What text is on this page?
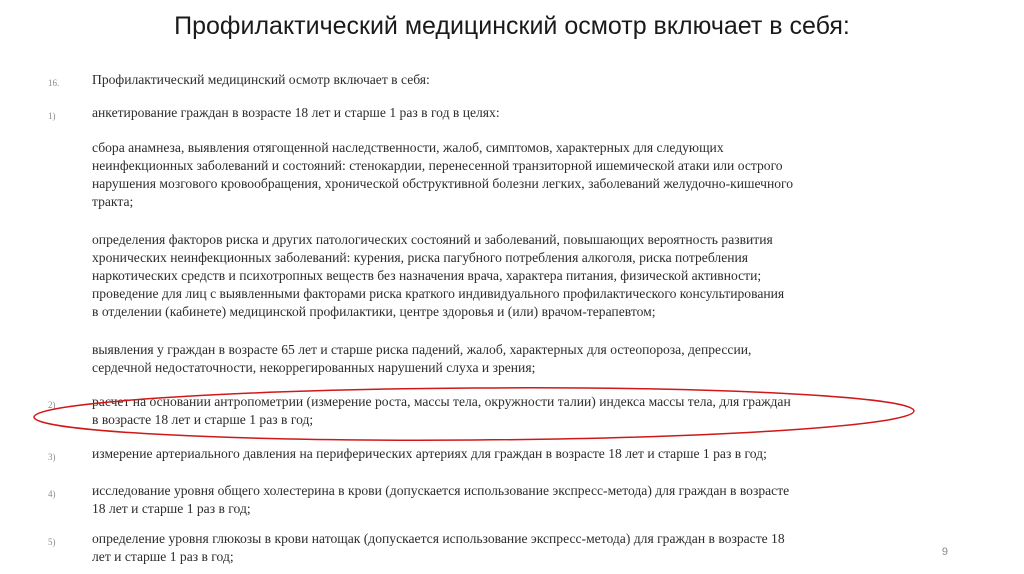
Профилактический медицинский осмотр включает в себя:
16. Профилактический медицинский осмотр включает в себя:
1)	анкетирование граждан в возрасте 18 лет и старше 1 раз в год в целях:
сбора анамнеза, выявления отягощенной наследственности, жалоб, симптомов, характерных для следующих
неинфекционных заболеваний и состояний: стенокардии, перенесенной транзиторной ишемической атаки или острого
нарушения мозгового кровообращения, хронической обструктивной болезни легких, заболеваний желудочно-кишечного
тракта;
определения факторов риска и других патологических состояний и заболеваний, повышающих вероятность развития
хронических неинфекционных заболеваний: курения, риска пагубного потребления алкоголя, риска потребления
наркотических средств и психотропных веществ без назначения врача, характера питания, физической активности;
проведение для лиц с выявленными факторами риска краткого индивидуального профилактического консультирования
в отделении (кабинете) медицинской профилактики, центре здоровья и (или) врачом-терапевтом;
выявления у граждан в возрасте 65 лет и старше риска падений, жалоб, характерных для остеопороза, депрессии,
сердечной недостаточности, некоррегированных нарушений слуха и зрения;
2)	расчет на основании антропометрии (измерение роста, массы тела, окружности талии) индекса массы тела, для граждан
в возрасте 18 лет и старше 1 раз в год;
3)	измерение артериального давления на периферических артериях для граждан в возрасте 18 лет и старше 1 раз в год;
4)	исследование уровня общего холестерина в крови (допускается использование экспресс-метода) для граждан в возрасте
18 лет и старше 1 раз в год;
5)	определение уровня глюкозы в крови натощак (допускается использование экспресс-метода) для граждан в возрасте 18
лет и старше 1 раз в год;	9
